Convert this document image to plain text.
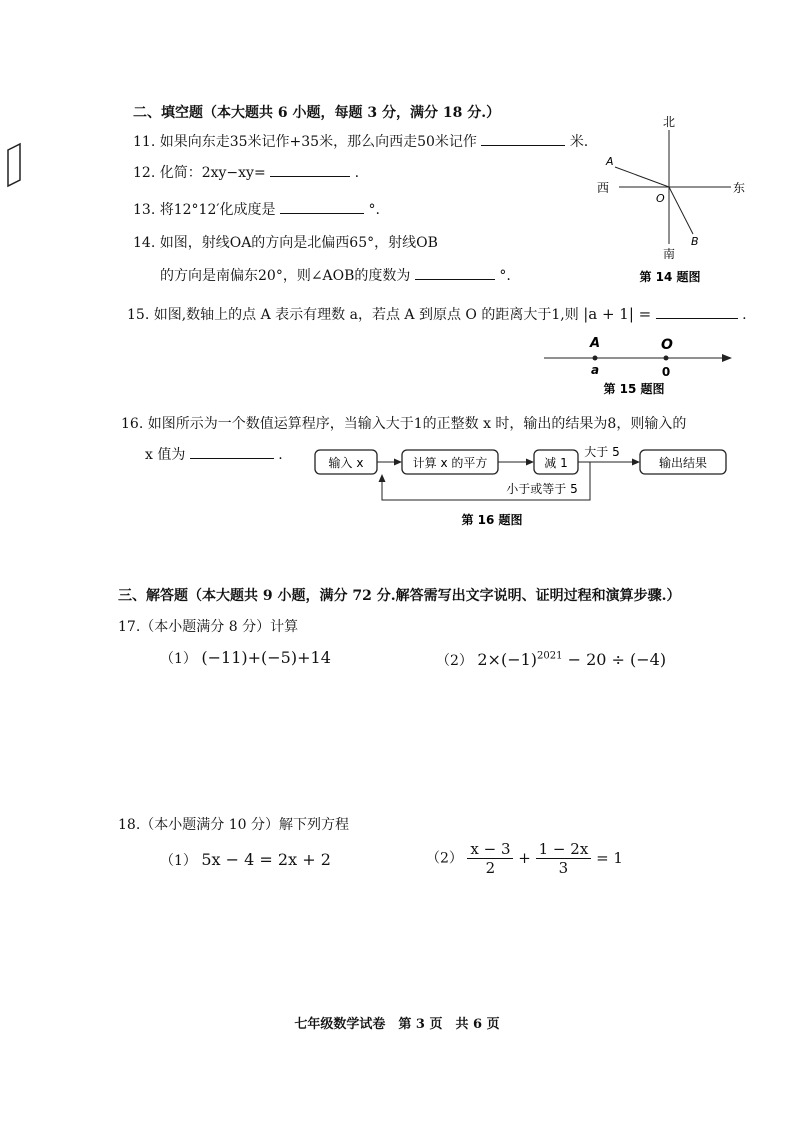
二、填空题（本大题共 6 小题，每题 3 分，满分 18 分.）
11. 如果向东走35米记作+35米，那么向西走50米记作	米.
12. 化简：2xy−xy=	.
13. 将12°12′化成度是	°.
14. 如图，射线OA的方向是北偏西65°，射线OB
的方向是南偏东20°，则∠AOB的度数为	°.
北
南
西	东
O
A
B
第 14 题图
15. 如图,数轴上的点 A 表示有理数 a，若点 A 到原点 O 的距离大于1,则 |a + 1| =	.
A	O
a	0
第 15 题图
16. 如图所示为一个数值运算程序，当输入大于1的正整数 x 时，输出的结果为8，则输入的
x 值为	.	输入 x	计算 x 的平方	减 1	输出结果
大于 5
小于或等于 5
第 16 题图
三、解答题（本大题共 9 小题，满分 72 分.解答需写出文字说明、证明过程和演算步骤.）
17.（本小题满分 8 分）计算
（1） (−11)+(−5)+14	（2） $2\times(-1)^{2021} - 20 \div (-4)$
18.（本小题满分 10 分）解下列方程
（1） 5x − 4 = 2x + 2	$(2) \frac{x - 3}{2} + \frac{1 - 2x}{3} = 1$
七年级数学试卷　第 3 页　共 6 页
